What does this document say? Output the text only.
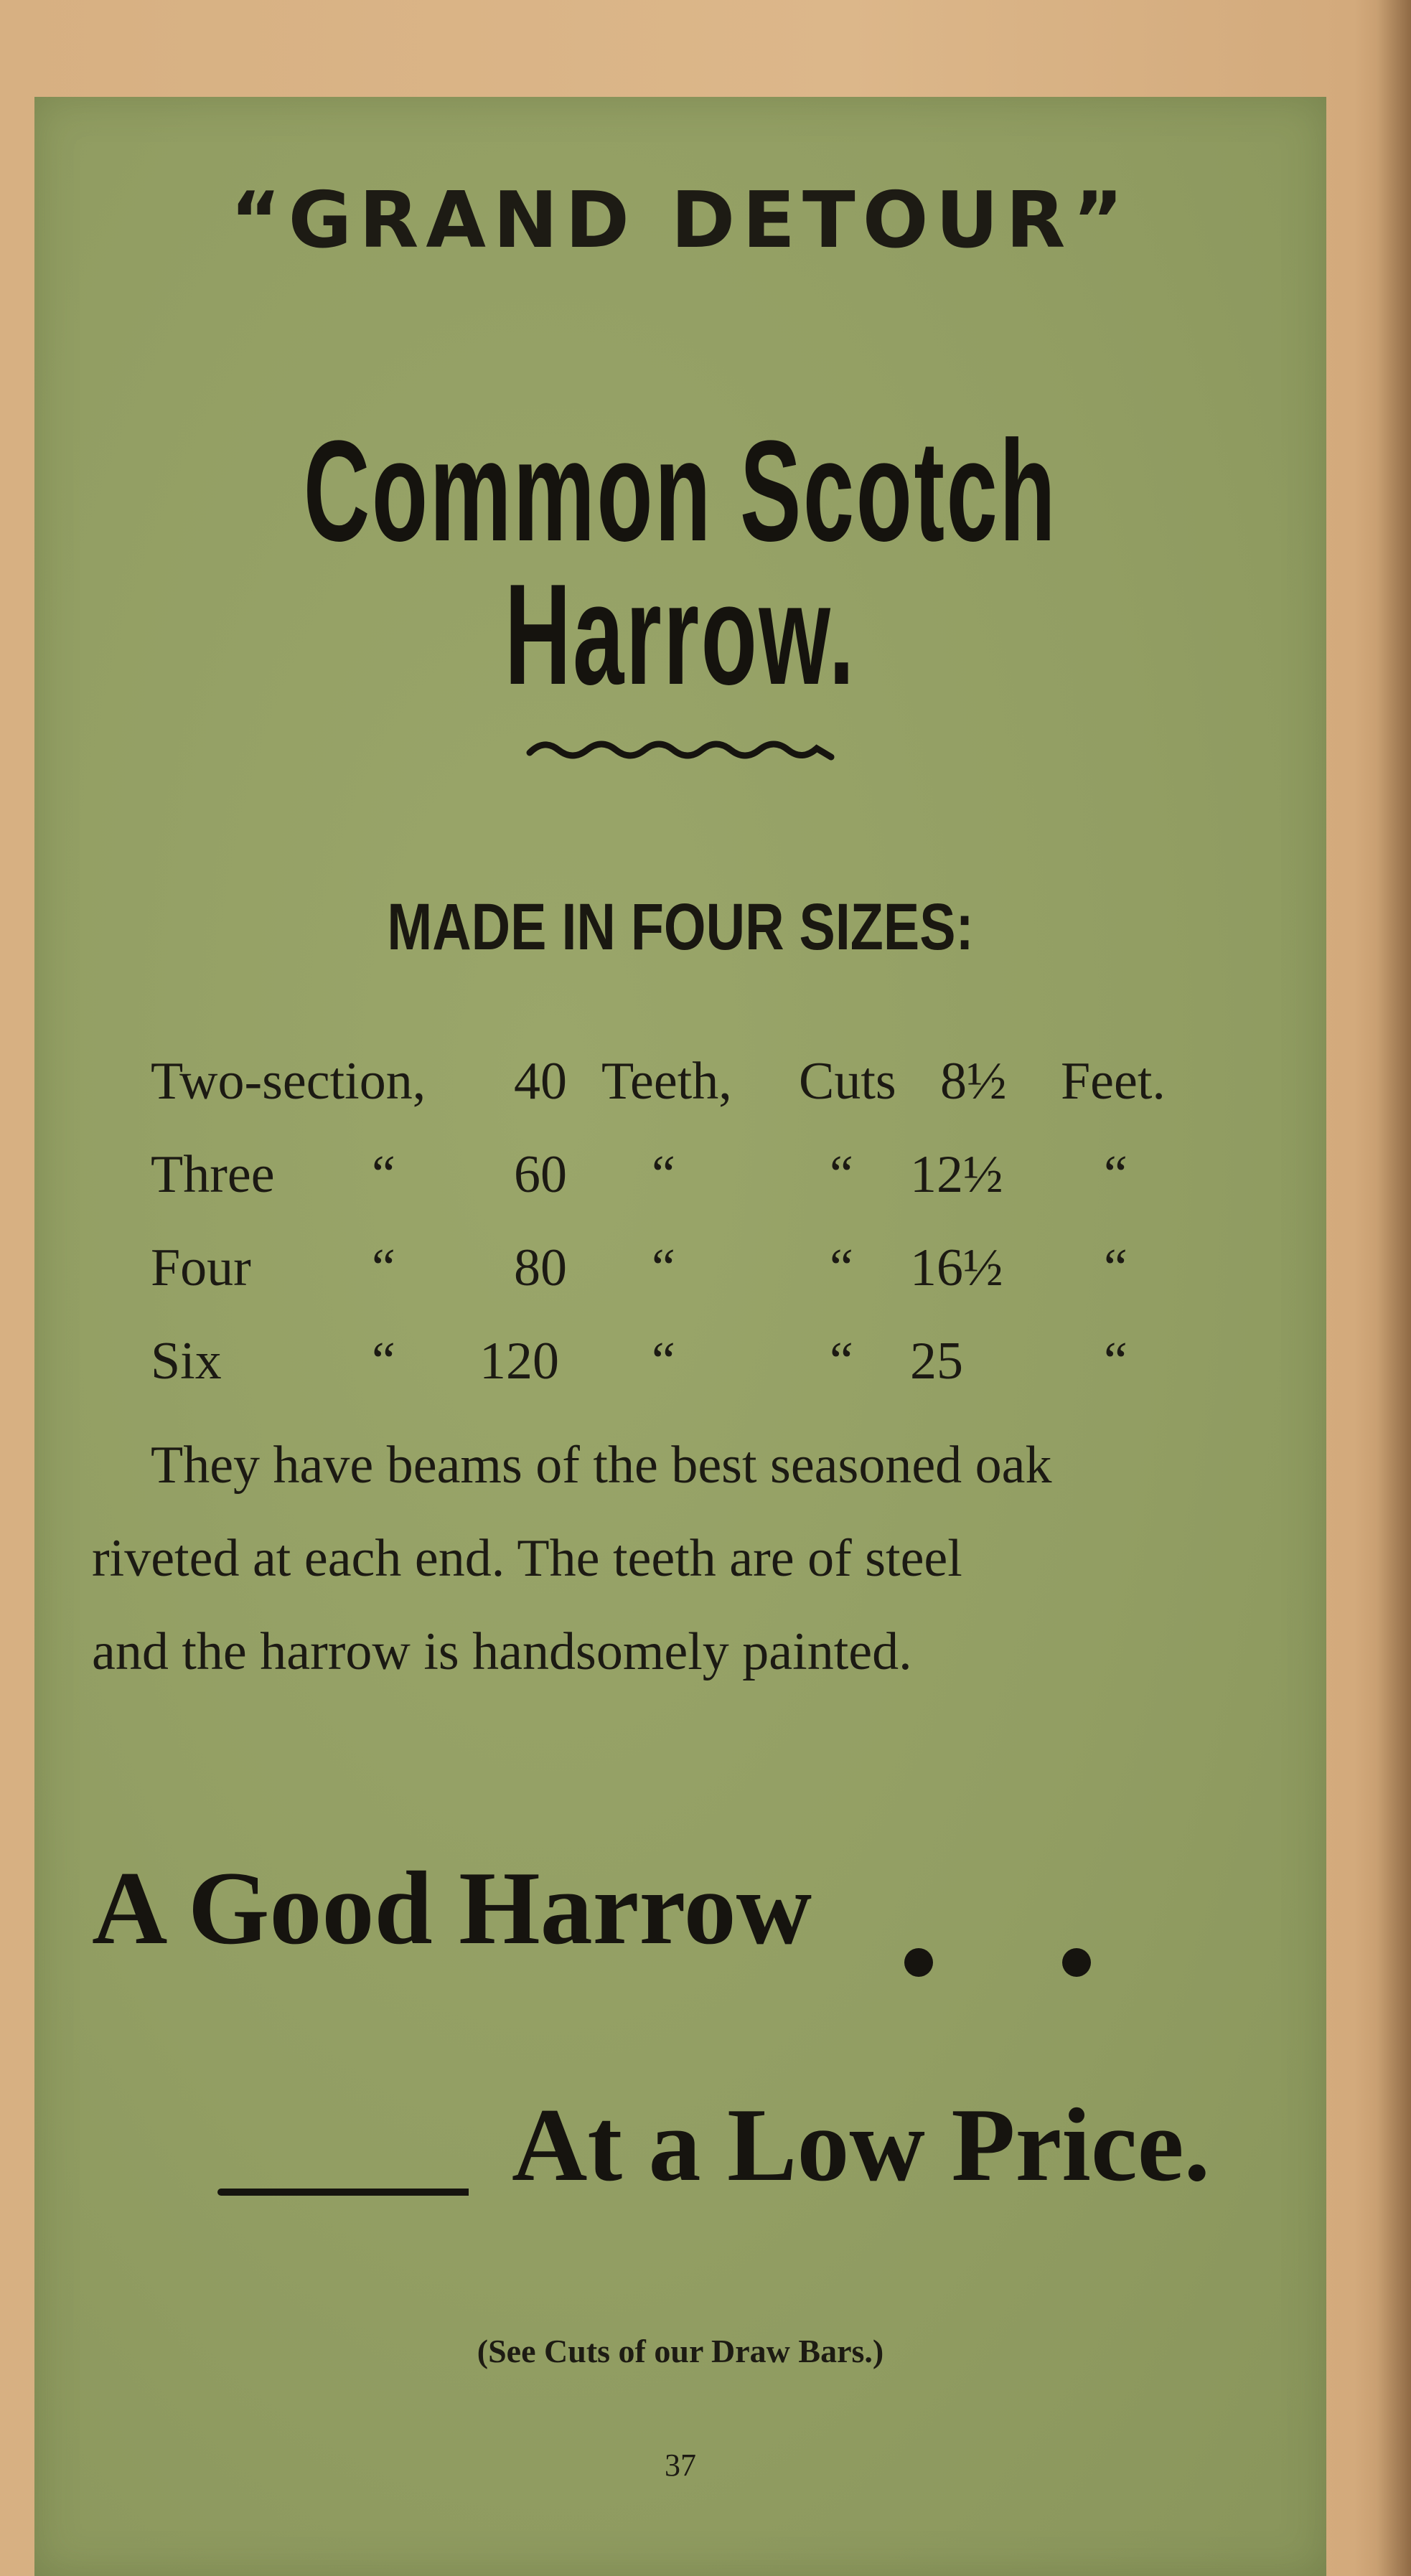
“GRAND DETOUR”

Common Scotch Harrow.

MADE IN FOUR SIZES:

Two-section, 40 Teeth, Cuts 8½ Feet.
Three “ 60 “	“ 12½ “
Four “ 80 “	“ 16½ “
Six	“ 120 “	“ 25	“

They have beams of the best seasoned oak

riveted at each end. The teeth are of steel

and the harrow is handsomely painted.

A Good Harrow

At a Low Price.

(See Cuts of our Draw Bars.)

37
